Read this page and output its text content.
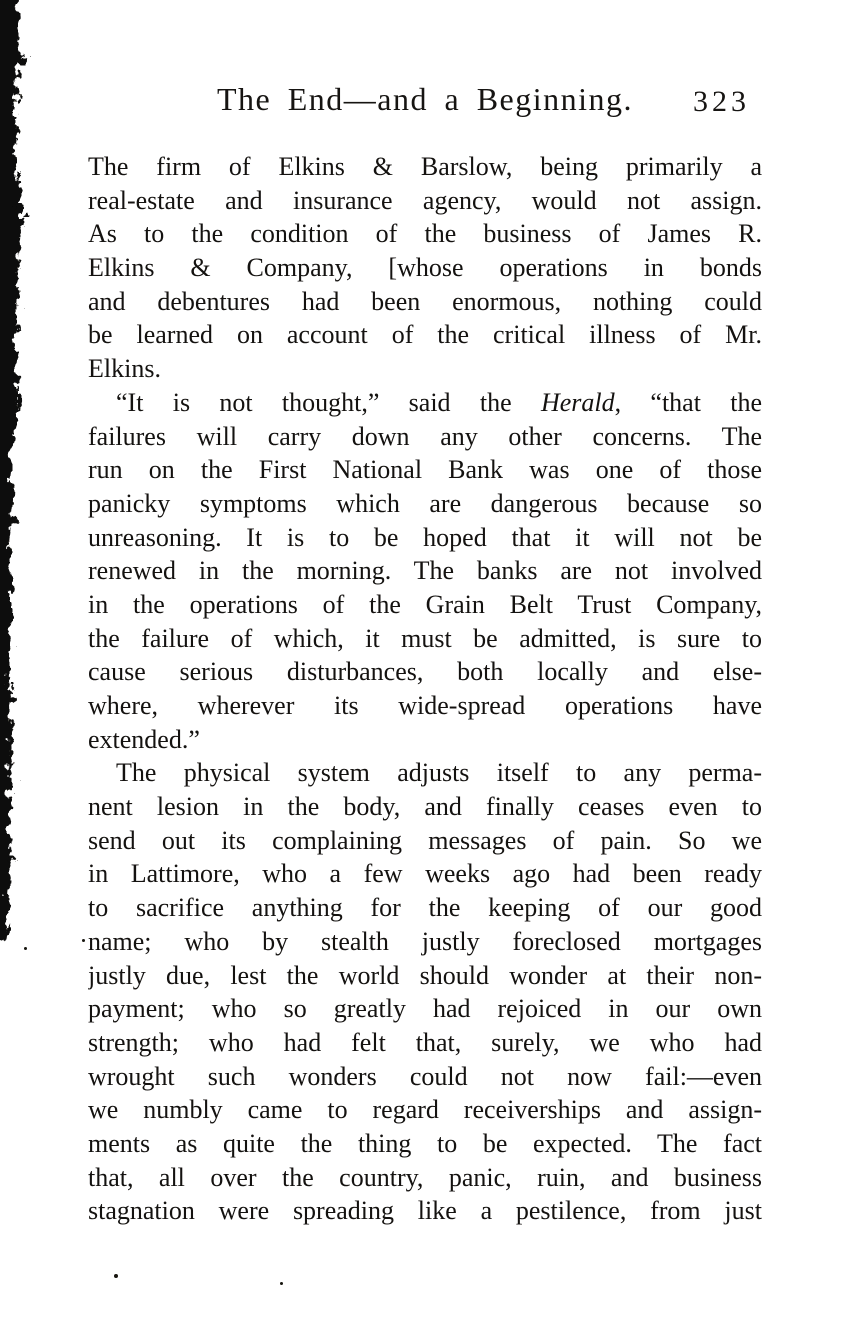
The End—and a Beginning. 323
The firm of Elkins & Barslow, being primarily a
real-estate and insurance agency, would not assign.
As to the condition of the business of James R.
Elkins & Company, [whose operations in bonds
and debentures had been enormous, nothing could
be learned on account of the critical illness of Mr.
Elkins.
“It is not thought,” said the Herald, “that the
failures will carry down any other concerns. The
run on the First National Bank was one of those
panicky symptoms which are dangerous because so
unreasoning. It is to be hoped that it will not be
renewed in the morning. The banks are not involved
in the operations of the Grain Belt Trust Company,
the failure of which, it must be admitted, is sure to
cause serious disturbances, both locally and else-
where, wherever its wide-spread operations have
extended.”
The physical system adjusts itself to any perma-
nent lesion in the body, and finally ceases even to
send out its complaining messages of pain. So we
in Lattimore, who a few weeks ago had been ready
to sacrifice anything for the keeping of our good
name; who by stealth justly foreclosed mortgages
justly due, lest the world should wonder at their non-
payment; who so greatly had rejoiced in our own
strength; who had felt that, surely, we who had
wrought such wonders could not now fail:—even
we numbly came to regard receiverships and assign-
ments as quite the thing to be expected. The fact
that, all over the country, panic, ruin, and business
stagnation were spreading like a pestilence, from just
